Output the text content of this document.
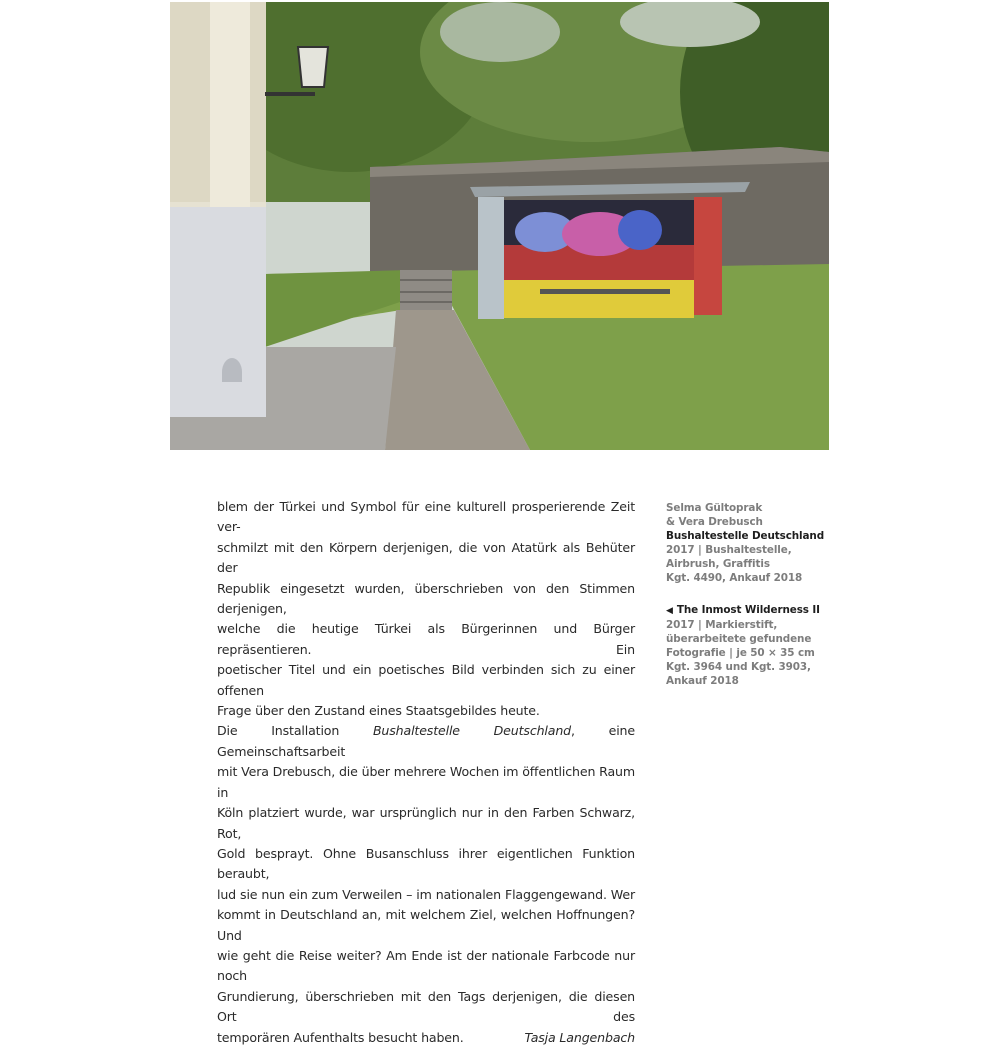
blem der Türkei und Symbol für eine kulturell prosperierende Zeit ver-

schmilzt mit den Körpern derjenigen, die von Atatürk als Behüter der

Republik eingesetzt wurden, überschrieben von den Stimmen derjenigen,

welche die heutige Türkei als Bürgerinnen und Bürger repräsentieren. Ein

poetischer Titel und ein poetisches Bild verbinden sich zu einer offenen

Frage über den Zustand eines Staatsgebildes heute.

Die Installation Bushaltestelle Deutschland, eine Gemeinschaftsarbeit

mit Vera Drebusch, die über mehrere Wochen im öffentlichen Raum in

Köln platziert wurde, war ursprünglich nur in den Farben Schwarz, Rot,

Gold besprayt. Ohne Busanschluss ihrer eigentlichen Funktion beraubt,

lud sie nun ein zum Verweilen – im nationalen Flaggengewand. Wer

kommt in Deutschland an, mit welchem Ziel, welchen Hoffnungen? Und

wie geht die Reise weiter? Am Ende ist der nationale Farbcode nur noch

Grundierung, überschrieben mit den Tags derjenigen, die diesen Ort des

temporären Aufenthalts besucht haben.	Tasja Langenbach

Selma Gültoprak
& Vera Drebusch
Bushaltestelle Deutschland
2017 | Bushaltestelle,
Airbrush, Graffitis
Kgt. 4490, Ankauf 2018
◀ The Inmost Wilderness II
2017 | Markierstift,
überarbeitete gefundene
Fotografie | je 50 × 35 cm
Kgt. 3964 und Kgt. 3903,
Ankauf 2018
